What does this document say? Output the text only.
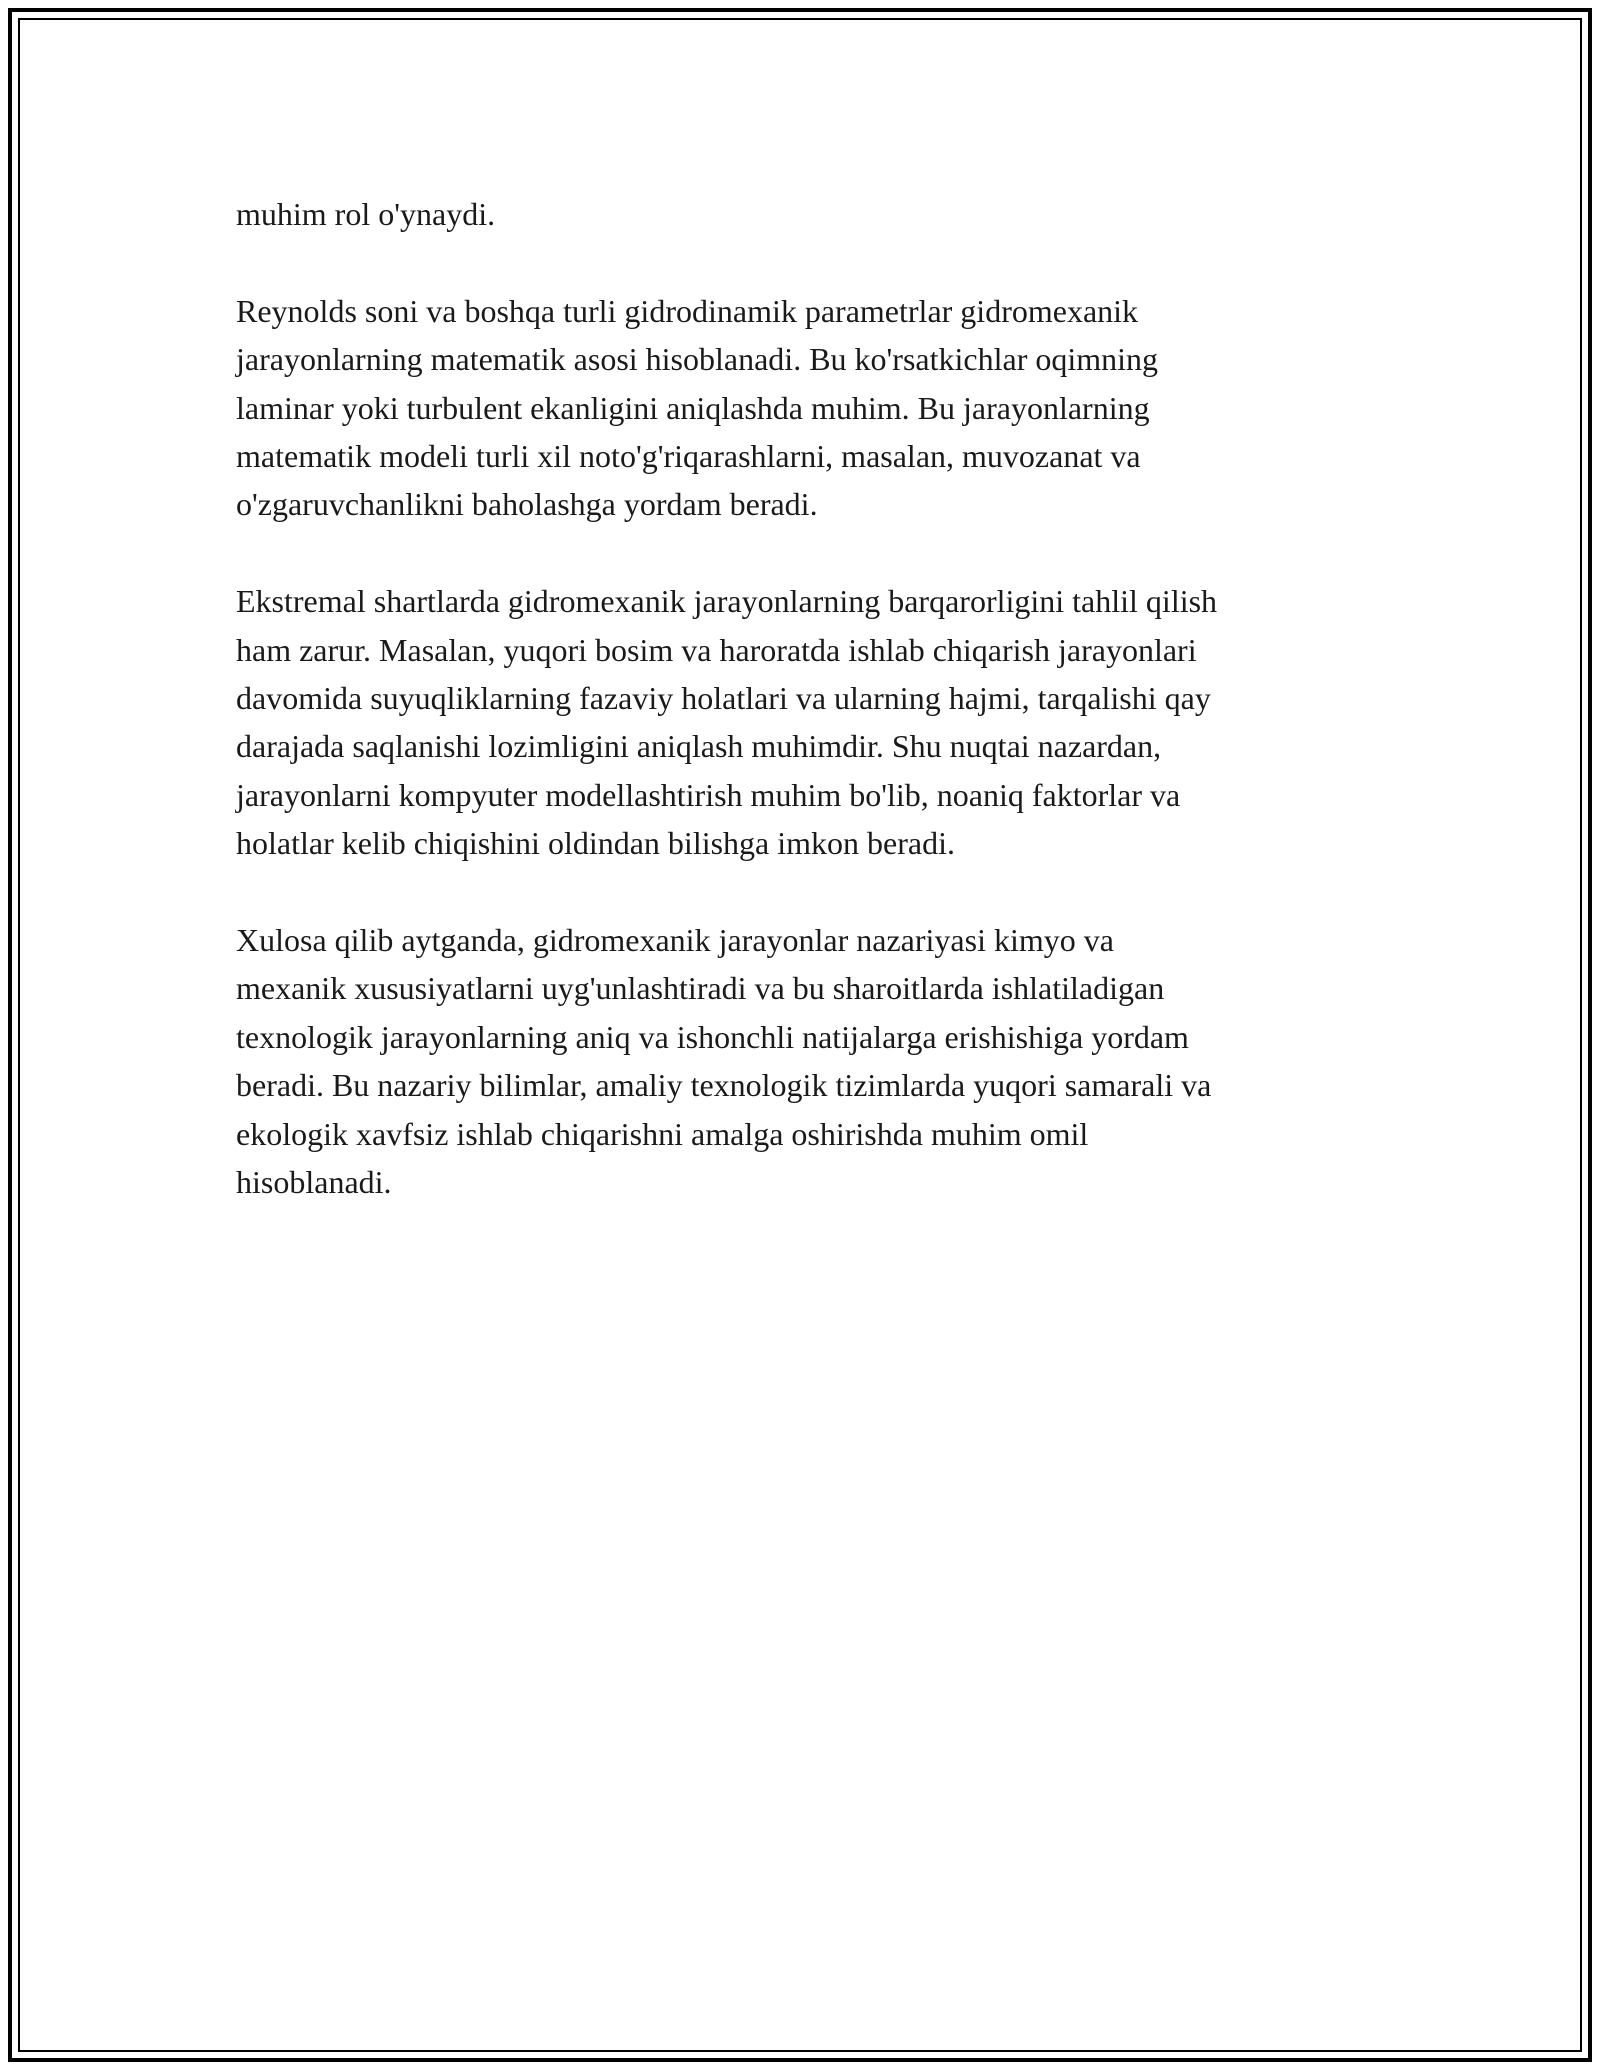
muhim rol o'ynaydi.

Reynolds soni va boshqa turli gidrodinamik parametrlar gidromexanik
jarayonlarning matematik asosi hisoblanadi. Bu ko'rsatkichlar oqimning
laminar yoki turbulent ekanligini aniqlashda muhim. Bu jarayonlarning
matematik modeli turli xil noto'g'riqarashlarni, masalan, muvozanat va
o'zgaruvchanlikni baholashga yordam beradi.

Ekstremal shartlarda gidromexanik jarayonlarning barqarorligini tahlil qilish
ham zarur. Masalan, yuqori bosim va haroratda ishlab chiqarish jarayonlari
davomida suyuqliklarning fazaviy holatlari va ularning hajmi, tarqalishi qay
darajada saqlanishi lozimligini aniqlash muhimdir. Shu nuqtai nazardan,
jarayonlarni kompyuter modellashtirish muhim bo'lib, noaniq faktorlar va
holatlar kelib chiqishini oldindan bilishga imkon beradi.

Xulosa qilib aytganda, gidromexanik jarayonlar nazariyasi kimyo va
mexanik xususiyatlarni uyg'unlashtiradi va bu sharoitlarda ishlatiladigan
texnologik jarayonlarning aniq va ishonchli natijalarga erishishiga yordam
beradi. Bu nazariy bilimlar, amaliy texnologik tizimlarda yuqori samarali va
ekologik xavfsiz ishlab chiqarishni amalga oshirishda muhim omil
hisoblanadi.
